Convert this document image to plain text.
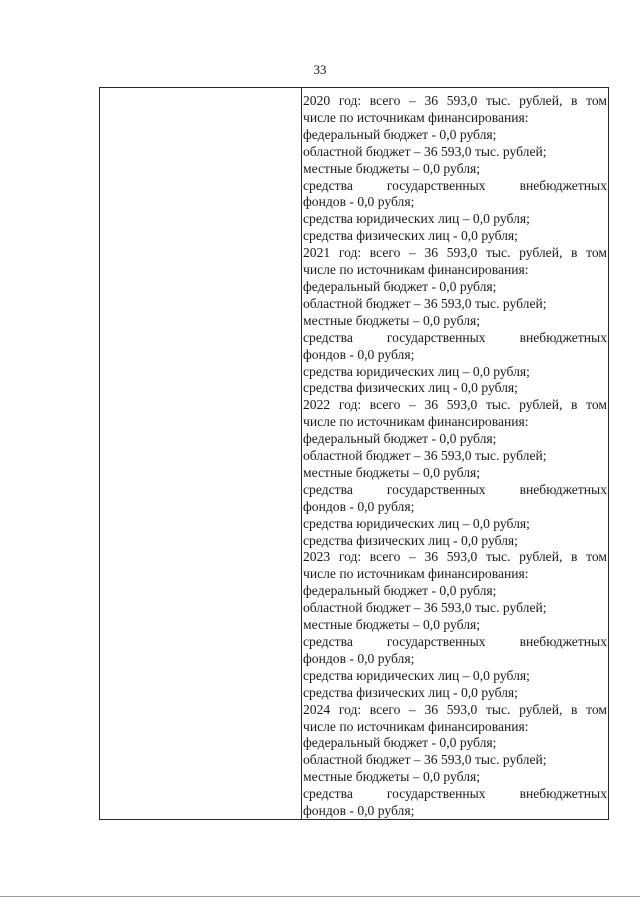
33
2020 год: всего – 36 593,0 тыс. рублей, в том
числе по источникам финансирования:
федеральный бюджет - 0,0 рубля;
областной бюджет – 36 593,0 тыс. рублей;
местные бюджеты – 0,0 рубля;
средства государственных внебюджетных
фондов - 0,0 рубля;
средства юридических лиц – 0,0 рубля;
средства физических лиц - 0,0 рубля;
2021 год: всего – 36 593,0 тыс. рублей, в том
числе по источникам финансирования:
федеральный бюджет - 0,0 рубля;
областной бюджет – 36 593,0 тыс. рублей;
местные бюджеты – 0,0 рубля;
средства государственных внебюджетных
фондов - 0,0 рубля;
средства юридических лиц – 0,0 рубля;
средства физических лиц - 0,0 рубля;
2022 год: всего – 36 593,0 тыс. рублей, в том
числе по источникам финансирования:
федеральный бюджет - 0,0 рубля;
областной бюджет – 36 593,0 тыс. рублей;
местные бюджеты – 0,0 рубля;
средства государственных внебюджетных
фондов - 0,0 рубля;
средства юридических лиц – 0,0 рубля;
средства физических лиц - 0,0 рубля;
2023 год: всего – 36 593,0 тыс. рублей, в том
числе по источникам финансирования:
федеральный бюджет - 0,0 рубля;
областной бюджет – 36 593,0 тыс. рублей;
местные бюджеты – 0,0 рубля;
средства государственных внебюджетных
фондов - 0,0 рубля;
средства юридических лиц – 0,0 рубля;
средства физических лиц - 0,0 рубля;
2024 год: всего – 36 593,0 тыс. рублей, в том
числе по источникам финансирования:
федеральный бюджет - 0,0 рубля;
областной бюджет – 36 593,0 тыс. рублей;
местные бюджеты – 0,0 рубля;
средства государственных внебюджетных
фондов - 0,0 рубля;
